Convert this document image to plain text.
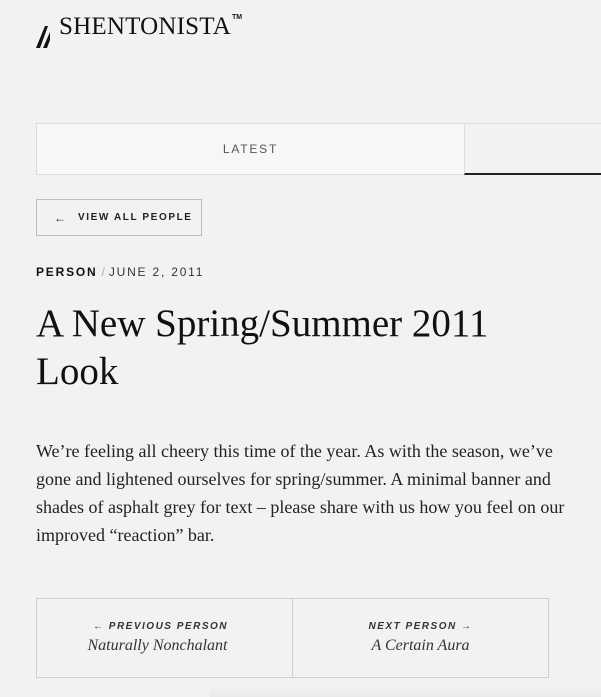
SHENTONISTA TM
LATEST
← VIEW ALL PEOPLE
PERSON / JUNE 2, 2011
A New Spring/Summer 2011 Look

We’re feeling all cheery this time of the year. As with the season, we’ve gone and lightened ourselves for spring/summer. A minimal banner and shades of asphalt grey for text – please share with us how you feel on our improved “reaction” bar.

← PREVIOUS PERSON
Naturally Nonchalant
NEXT PERSON →
A Certain Aura
